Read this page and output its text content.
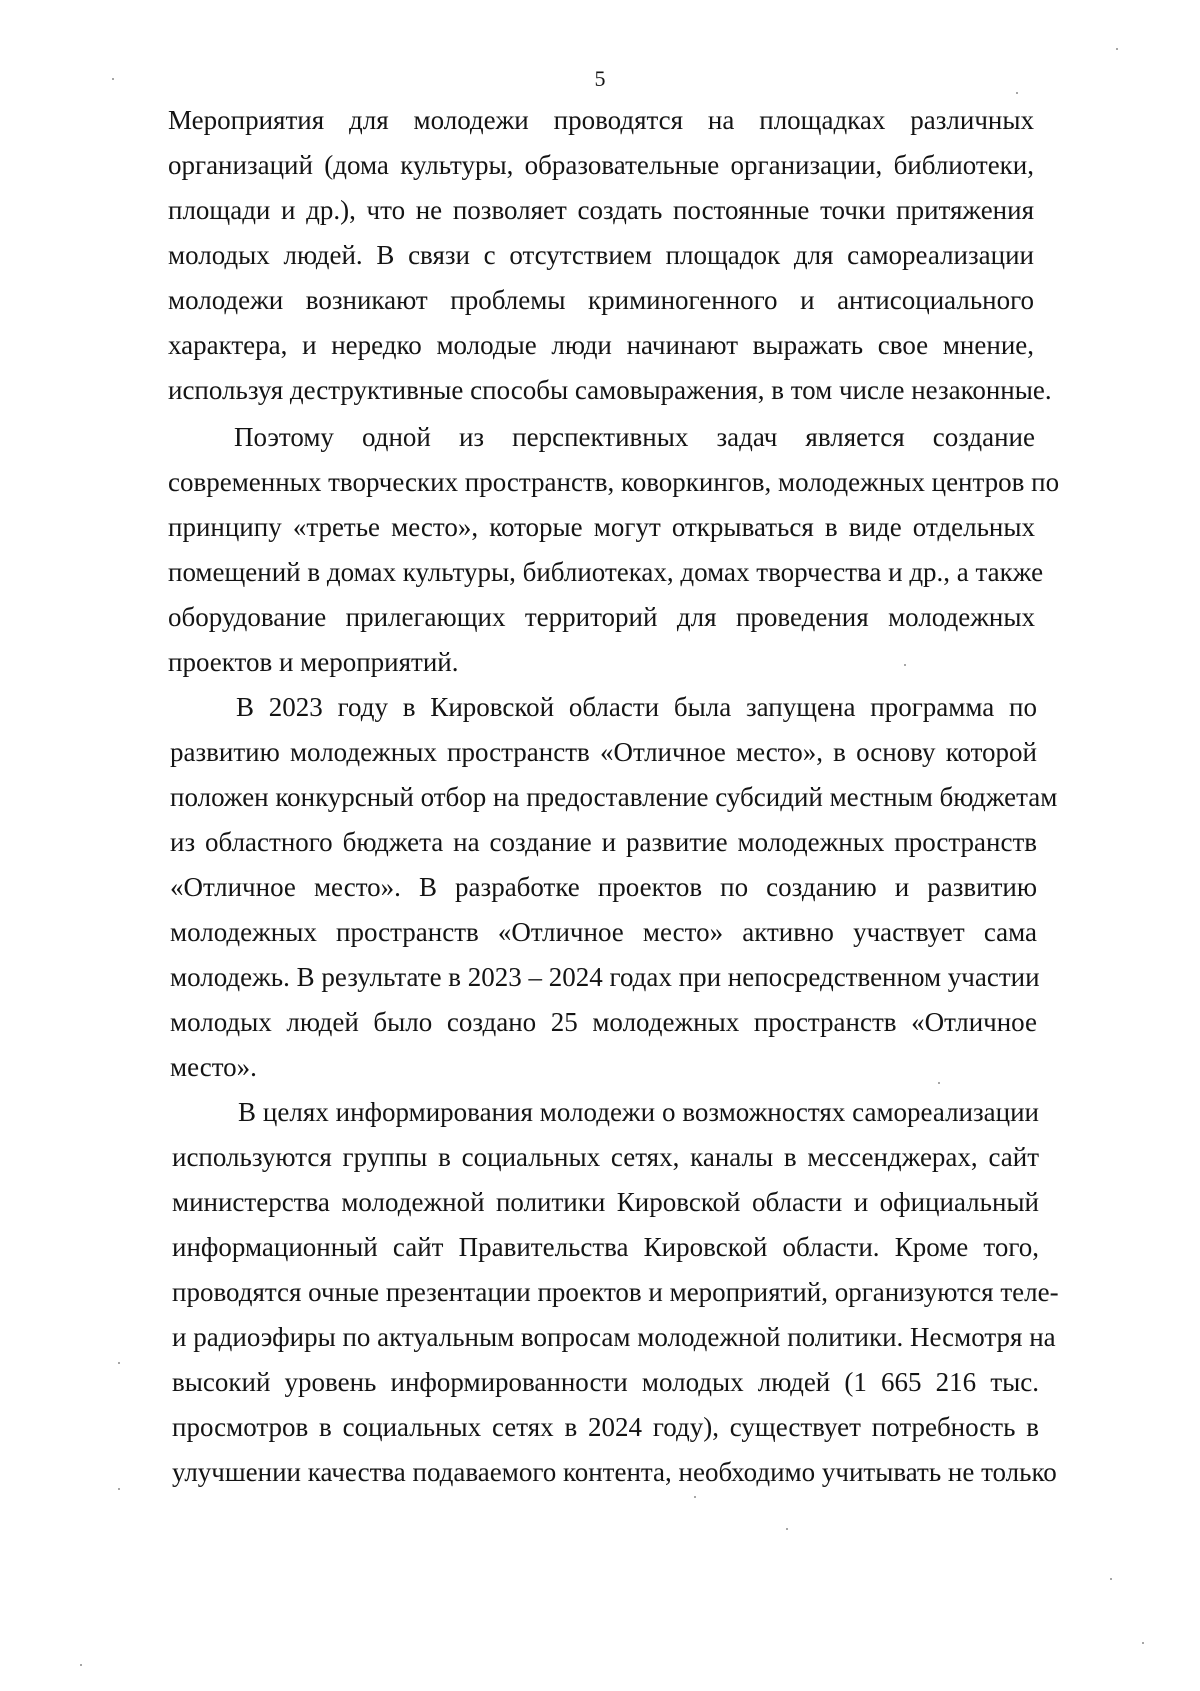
5
Мероприятия для молодежи проводятся на площадках различных
организаций (дома культуры, образовательные организации, библиотеки,
площади и др.), что не позволяет создать постоянные точки притяжения
молодых людей. В связи с отсутствием площадок для самореализации
молодежи возникают проблемы криминогенного и антисоциального
характера, и нередко молодые люди начинают выражать свое мнение,
используя деструктивные способы самовыражения, в том числе незаконные.
Поэтому одной из перспективных задач является создание
современных творческих пространств, коворкингов, молодежных центров по
принципу «третье место», которые могут открываться в виде отдельных
помещений в домах культуры, библиотеках, домах творчества и др., а также
оборудование прилегающих территорий для проведения молодежных
проектов и мероприятий.
В 2023 году в Кировской области была запущена программа по
развитию молодежных пространств «Отличное место», в основу которой
положен конкурсный отбор на предоставление субсидий местным бюджетам
из областного бюджета на создание и развитие молодежных пространств
«Отличное место». В разработке проектов по созданию и развитию
молодежных пространств «Отличное место» активно участвует сама
молодежь. В результате в 2023 – 2024 годах при непосредственном участии
молодых людей было создано 25 молодежных пространств «Отличное
место».
В целях информирования молодежи о возможностях самореализации
используются группы в социальных сетях, каналы в мессенджерах, сайт
министерства молодежной политики Кировской области и официальный
информационный сайт Правительства Кировской области. Кроме того,
проводятся очные презентации проектов и мероприятий, организуются теле-
и радиоэфиры по актуальным вопросам молодежной политики. Несмотря на
высокий уровень информированности молодых людей (1 665 216 тыс.
просмотров в социальных сетях в 2024 году), существует потребность в
улучшении качества подаваемого контента, необходимо учитывать не только
